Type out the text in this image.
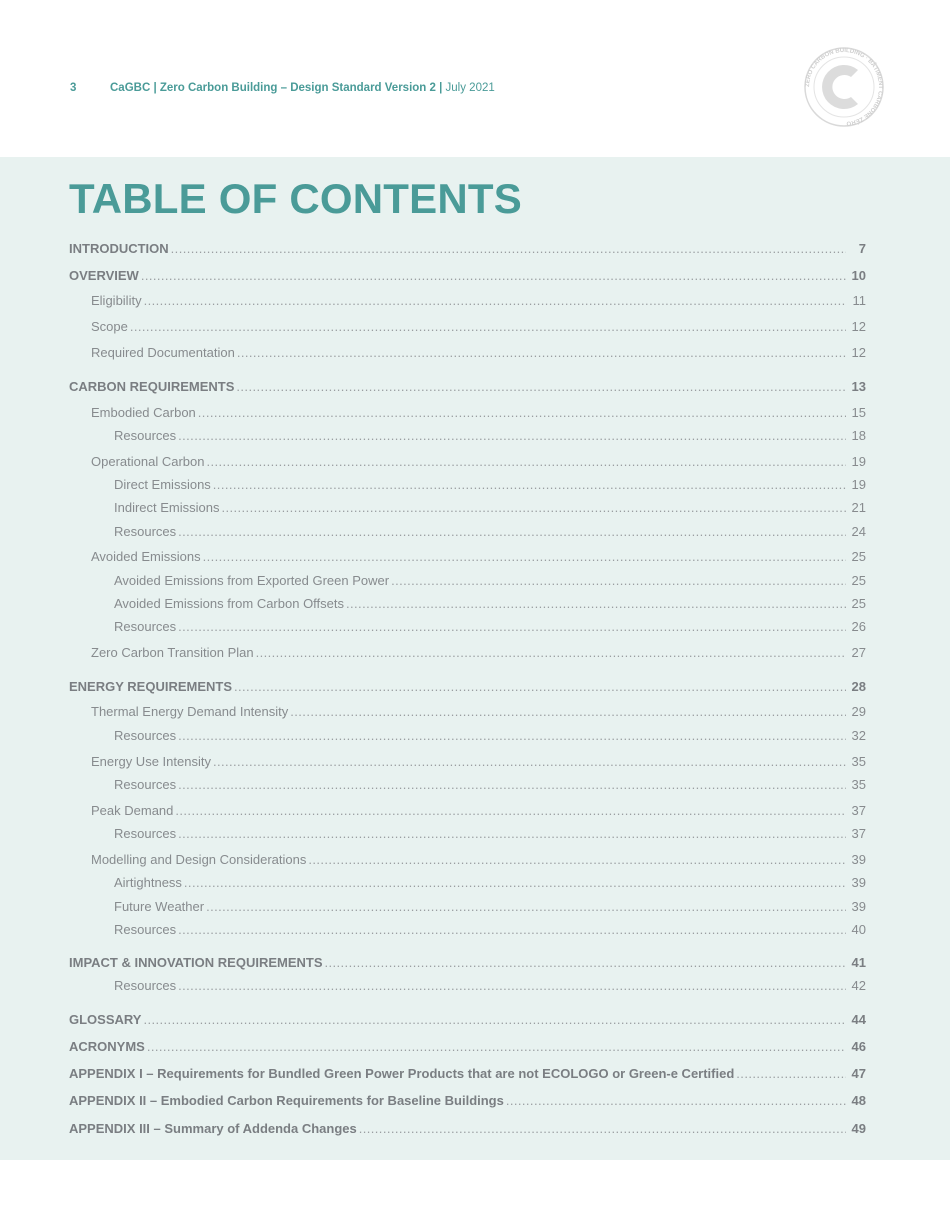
3	CaGBC | Zero Carbon Building – Design Standard Version 2 | July 2021	ZERO CARBON BUILDING · BÂTIMENT CARBONE ZÉRO
TABLE OF CONTENTS
INTRODUCTION .....	7
OVERVIEW .....	10
Eligibility .....	11
Scope .....	12
Required Documentation .....	12
CARBON REQUIREMENTS .....	13
Embodied Carbon .....	15
Resources .....	18
Operational Carbon .....	19
Direct Emissions .....	19
Indirect Emissions .....	21
Resources .....	24
Avoided Emissions .....	25
Avoided Emissions from Exported Green Power .....	25
Avoided Emissions from Carbon Offsets .....	25
Resources .....	26
Zero Carbon Transition Plan .....	27
ENERGY REQUIREMENTS .....	28
Thermal Energy Demand Intensity .....	29
Resources .....	32
Energy Use Intensity .....	35
Resources .....	35
Peak Demand .....	37
Resources .....	37
Modelling and Design Considerations .....	39
Airtightness .....	39
Future Weather .....	39
Resources .....	40
IMPACT & INNOVATION REQUIREMENTS .....	41
Resources .....	42
GLOSSARY .....	44
ACRONYMS .....	46
APPENDIX I – Requirements for Bundled Green Power Products that are not ECOLOGO or Green-e Certified .....	47
APPENDIX II – Embodied Carbon Requirements for Baseline Buildings .....	48
APPENDIX III – Summary of Addenda Changes .....	49
